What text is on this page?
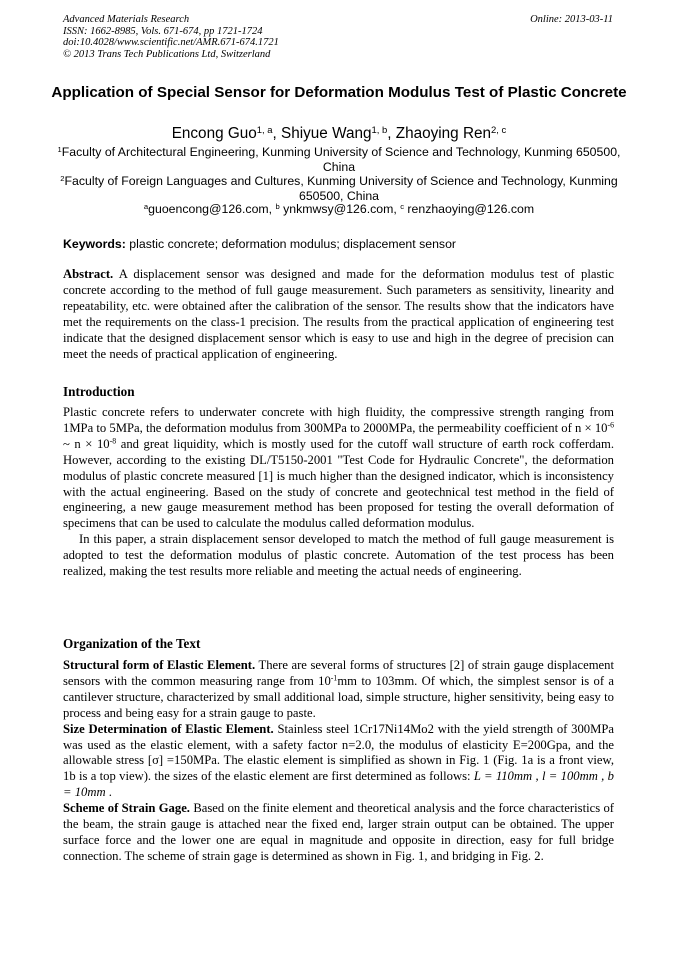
Advanced Materials Research
ISSN: 1662-8985, Vols. 671-674, pp 1721-1724
doi:10.4028/www.scientific.net/AMR.671-674.1721
© 2013 Trans Tech Publications Ltd, Switzerland
Online: 2013-03-11
Application of Special Sensor for Deformation Modulus Test of Plastic Concrete
Encong Guo$^{1, a}$, Shiyue Wang$^{1, b}$, Zhaoying Ren$^{2, c}$
$^1$Faculty of Architectural Engineering, Kunming University of Science and Technology, Kunming 650500, China
$^2$Faculty of Foreign Languages and Cultures, Kunming University of Science and Technology, Kunming 650500, China
$^a$guoencong@126.com, $^b$ ynkmwsy@126.com, $^c$ renzhaoying@126.com
Keywords: plastic concrete; deformation modulus; displacement sensor

Abstract. A displacement sensor was designed and made for the deformation modulus test of plastic concrete according to the method of full gauge measurement. Such parameters as sensitivity, linearity and repeatability, etc. were obtained after the calibration of the sensor. The results show that the indicators have met the requirements on the class-1 precision. The results from the practical application of engineering test indicate that the designed displacement sensor which is easy to use and high in the degree of precision can meet the needs of practical application of engineering.

Introduction

Plastic concrete refers to underwater concrete with high fluidity, the compressive strength ranging from 1MPa to 5MPa, the deformation modulus from 300MPa to 2000MPa, the permeability coefficient of $n \times 10^{-6}$ ~ $n \times 10^{-8}$ and great liquidity, which is mostly used for the cutoff wall structure of earth rock cofferdam. However, according to the existing DL/T5150-2001 "Test Code for Hydraulic Concrete", the deformation modulus of plastic concrete measured [1] is much higher than the designed indicator, which is inconsistency with the actual engineering. Based on the study of concrete and geotechnical test method in the field of engineering, a new gauge measurement method has been proposed for testing the overall deformation of specimens that can be used to calculate the modulus called deformation modulus.

In this paper, a strain displacement sensor developed to match the method of full gauge measurement is adopted to test the deformation modulus of plastic concrete. Automation of the test process has been realized, making the test results more reliable and meeting the actual needs of engineering.

Organization of the Text

Structural form of Elastic Element. There are several forms of structures [2] of strain gauge displacement sensors with the common measuring range from $10^{-1}mm$ to 103mm. Of which, the simplest sensor is of a cantilever structure, characterized by small additional load, simple structure, higher sensitivity, being easy to process and being easy for a strain gauge to paste.

Size Determination of Elastic Element. Stainless steel 1Cr17Ni14Mo2 with the yield strength of 300MPa was used as the elastic element, with a safety factor n=2.0, the modulus of elasticity E=200Gpa, and the allowable stress [σ] =150MPa. The elastic element is simplified as shown in Fig. 1 (Fig. 1a is a front view, 1b is a top view). the sizes of the elastic element are first determined as follows: L = 110mm , l = 100mm , b = 10mm .

Scheme of Strain Gage. Based on the finite element and theoretical analysis and the force characteristics of the beam, the strain gauge is attached near the fixed end, larger strain output can be obtained. The upper surface force and the lower one are equal in magnitude and opposite in direction, easy for full bridge connection. The scheme of strain gage is determined as shown in Fig. 1, and bridging in Fig. 2.
